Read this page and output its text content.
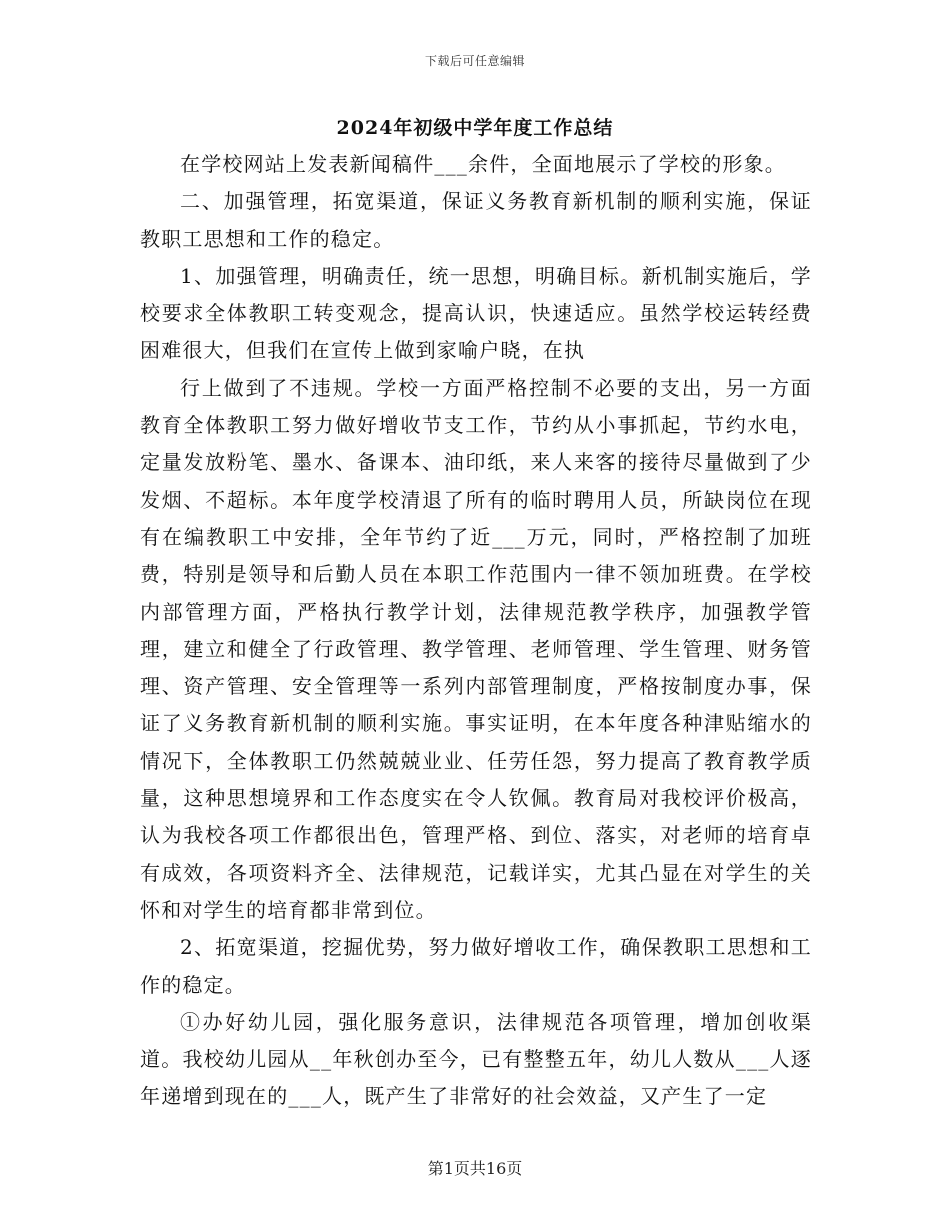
下载后可任意编辑
2024年初级中学年度工作总结

在学校网站上发表新闻稿件___余件，全面地展示了学校的形象。

二、加强管理，拓宽渠道，保证义务教育新机制的顺利实施，保证教职工思想和工作的稳定。

1、加强管理，明确责任，统一思想，明确目标。新机制实施后，学校要求全体教职工转变观念，提高认识，快速适应。虽然学校运转经费困难很大，但我们在宣传上做到家喻户晓，在执

行上做到了不违规。学校一方面严格控制不必要的支出，另一方面教育全体教职工努力做好增收节支工作，节约从小事抓起，节约水电，定量发放粉笔、墨水、备课本、油印纸，来人来客的接待尽量做到了少发烟、不超标。本年度学校清退了所有的临时聘用人员，所缺岗位在现有在编教职工中安排，全年节约了近___万元，同时，严格控制了加班费，特别是领导和后勤人员在本职工作范围内一律不领加班费。在学校内部管理方面，严格执行教学计划，法律规范教学秩序，加强教学管理，建立和健全了行政管理、教学管理、老师管理、学生管理、财务管理、资产管理、安全管理等一系列内部管理制度，严格按制度办事，保证了义务教育新机制的顺利实施。事实证明，在本年度各种津贴缩水的情况下，全体教职工仍然兢兢业业、任劳任怨，努力提高了教育教学质量，这种思想境界和工作态度实在令人钦佩。教育局对我校评价极高，认为我校各项工作都很出色，管理严格、到位、落实，对老师的培育卓有成效，各项资料齐全、法律规范，记载详实，尤其凸显在对学生的关怀和对学生的培育都非常到位。

2、拓宽渠道，挖掘优势，努力做好增收工作，确保教职工思想和工作的稳定。

①办好幼儿园，强化服务意识，法律规范各项管理，增加创收渠道。我校幼儿园从__年秋创办至今，已有整整五年，幼儿人数从___人逐年递增到现在的___人，既产生了非常好的社会效益，又产生了一定

第1页共16页
